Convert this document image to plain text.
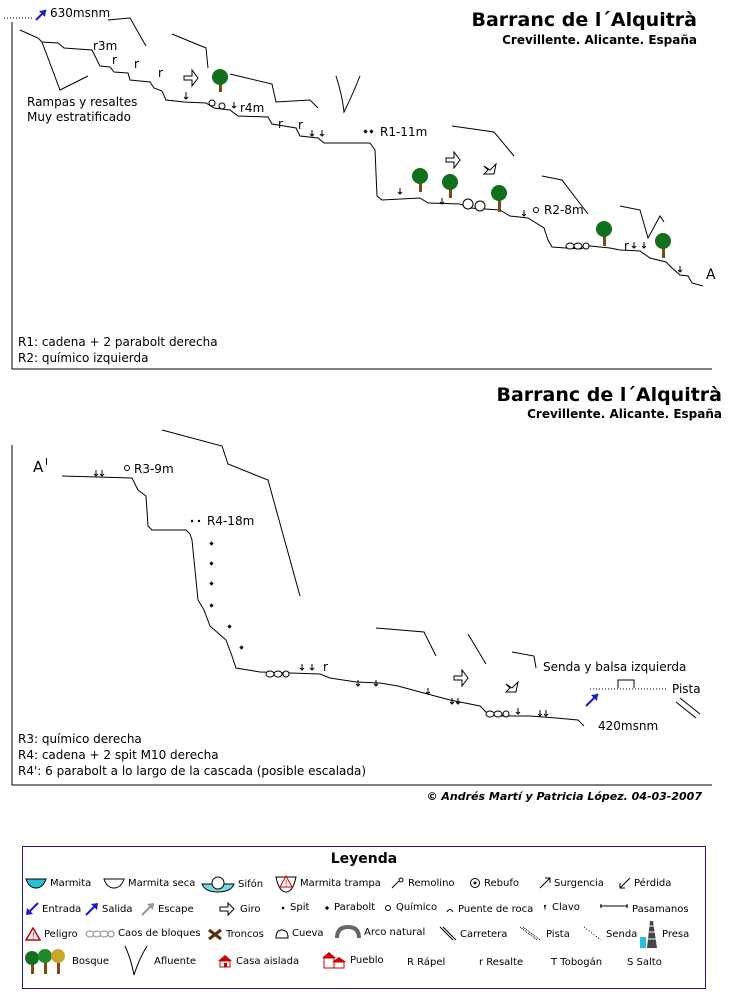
Barranc de l´Alquitrà
Crevillente. Alicante. España
630msnm
r3m
r r
r
r4m
r r
r
Rampas y resaltes
Muy estratificado
R1-11m
R2-8m
A
R1: cadena + 2 parabolt derecha
R2: químico izquierda
Barranc de l´Alquitrà
Crevillente. Alicante. España
A I	R3-9m
R4-18m
r	Senda y balsa izquierda
Pista
420msnm
R3: químico derecha
R4: cadena + 2 spit M10 derecha
R4': 6 parabolt a lo largo de la cascada (posible escalada)
© Andrés Martí y Patricia López. 04-03-2007
Leyenda
Marmita	Marmita seca	Sifón	! Marmita trampa	Remolino	Rebufo	Surgencia	Pérdida
Entrada Salida	Escape	Giro	Spit Parabolt Químico Puente de roca Clavo	Pasamanos
! Peligro	Caos de bloques	Troncos	Cueva	Arco natural	Carretera	Pista	Senda Presa
Bosque	Afluente	Casa aislada	Pueblo R Rápel	r Resalte	T Tobogán S Salto
